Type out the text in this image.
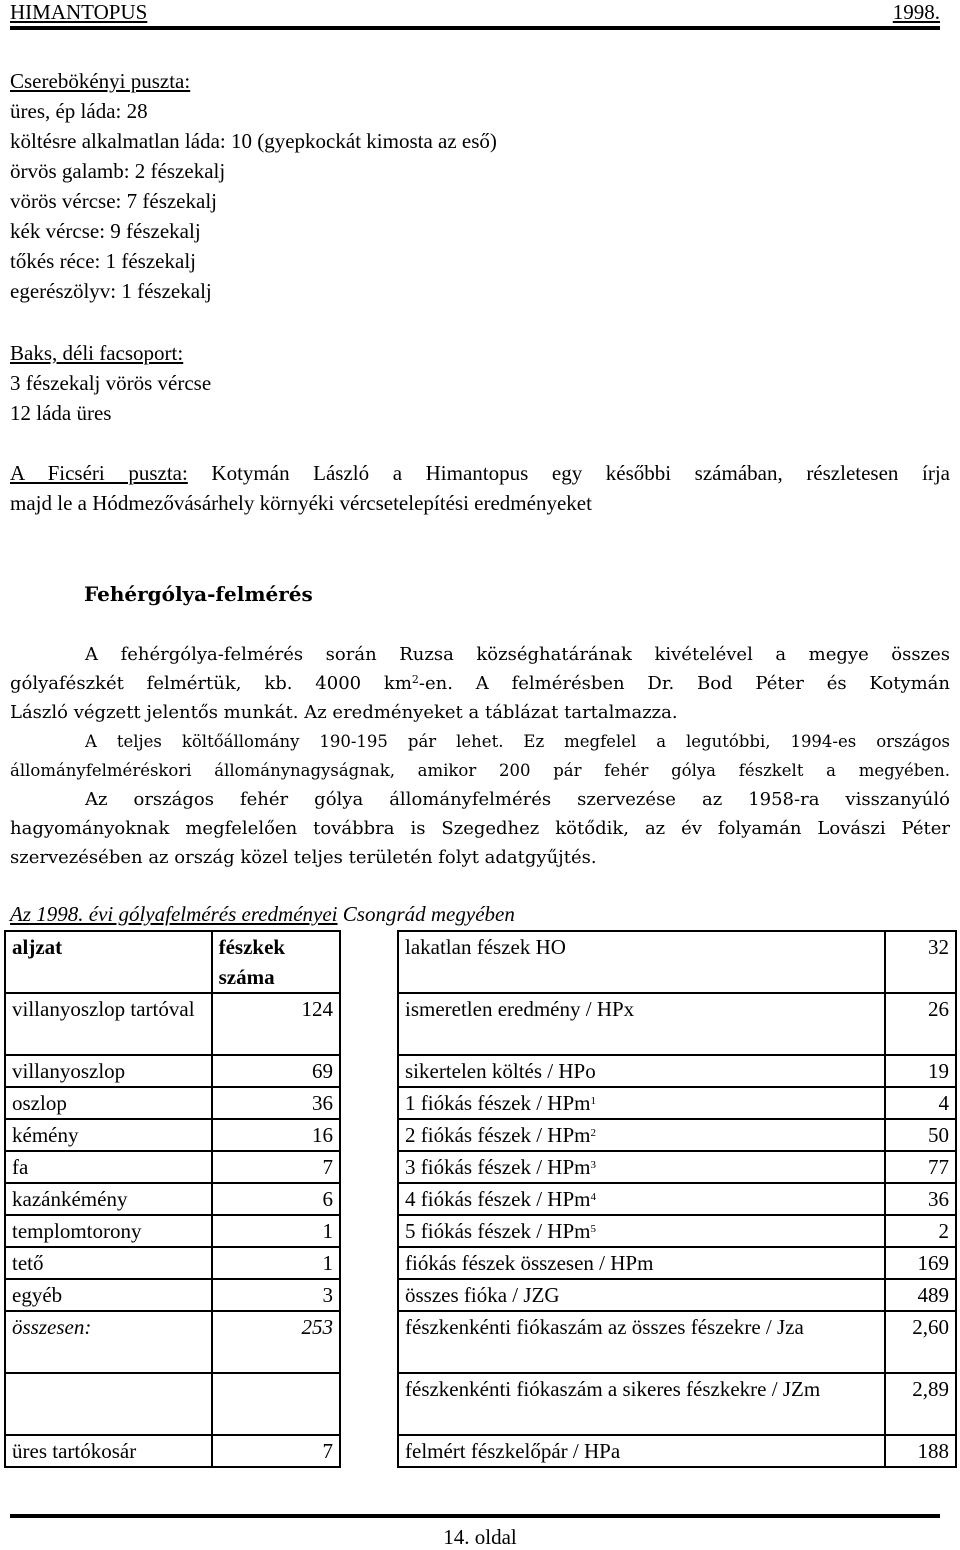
HIMANTOPUS	1998.
Cserebökényi puszta:
üres, ép láda: 28
költésre alkalmatlan láda: 10 (gyepkockát kimosta az eső)
örvös galamb: 2 fészekalj
vörös vércse: 7 fészekalj
kék vércse: 9 fészekalj
tőkés réce: 1 fészekalj
egerészölyv: 1 fészekalj
Baks, déli facsoport:
3 fészekalj vörös vércse
12 láda üres
A Ficséri puszta: Kotymán László a Himantopus egy későbbi számában, részletesen írja
majd le a Hódmezővásárhely környéki vércsetelepítési eredményeket
Fehérgólya-felmérés
A fehérgólya-felmérés során Ruzsa községhatárának kivételével a megye összes
gólyafészkét felmértük, kb. 4000 $km^2-en$. A felmérésben Dr. Bod Péter és Kotymán
László végzett jelentős munkát. Az eredményeket a táblázat tartalmazza.
A teljes költőállomány 190-195 pár lehet. Ez megfelel a legutóbbi, 1994-es országos
állományfelméréskori állománynagyságnak, amikor 200 pár fehér gólya fészkelt a megyében.
Az országos fehér gólya állományfelmérés szervezése az 1958-ra visszanyúló
hagyományoknak megfelelően továbbra is Szegedhez kötődik, az év folyamán Lovászi Péter
szervezésében az ország közel teljes területén folyt adatgyűjtés.
Az 1998. évi gólyafelmérés eredményei Csongrád megyében
aljzat	fészkek száma
villanyoszlop tartóval	124
villanyoszlop	69
oszlop	36
kémény	16
fa	7
kazánkémény	6
templomtorony	1
tető	1
egyéb	3
összesen:	253

üres tartókosár	7
lakatlan fészek HO	32
ismeretlen eredmény / HPx	26
sikertelen költés / HPo	19
1 fiókás fészek / HPm$^1$	4
2 fiókás fészek / HPm$^2$	50
3 fiókás fészek / HPm$^3$	77
4 fiókás fészek / HPm$^4$	36
5 fiókás fészek / HPm$^5$	2
fiókás fészek összesen / HPm	169
összes fióka / JZG	489
fészkenkénti fiókaszám az összes fészekre / Jza	2,60
fészkenkénti fiókaszám a sikeres fészkekre / JZm	2,89
felmért fészkelőpár / HPa	188
14. oldal
